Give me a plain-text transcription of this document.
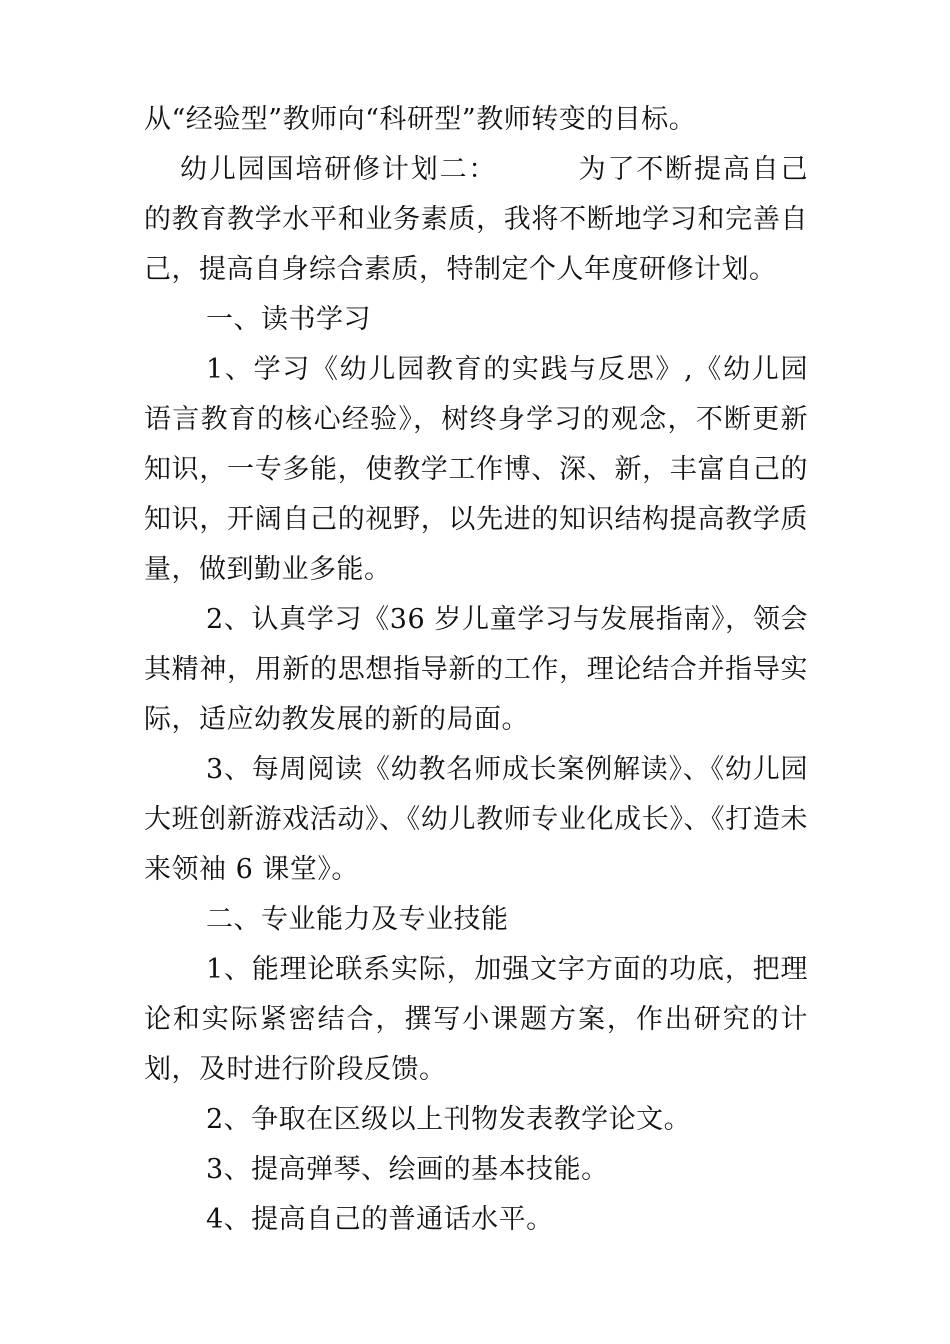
从“经验型”教师向“科研型”教师转变的目标。

幼儿园国培研修计划二：	为了不断提高自己的教育教学水平和业务素质，我将不断地学习和完善自己，提高自身综合素质，特制定个人年度研修计划。

一、读书学习

1、学习《幼儿园教育的实践与反思》,《幼儿园语言教育的核心经验》，树终身学习的观念，不断更新知识，一专多能，使教学工作博、深、新，丰富自己的知识，开阔自己的视野，以先进的知识结构提高教学质量，做到勤业多能。

2、认真学习《36 岁儿童学习与发展指南》，领会其精神，用新的思想指导新的工作，理论结合并指导实际，适应幼教发展的新的局面。

3、每周阅读《幼教名师成长案例解读》、《幼儿园大班创新游戏活动》、《幼儿教师专业化成长》、《打造未来领袖 6 课堂》。

二、专业能力及专业技能

1、能理论联系实际，加强文字方面的功底，把理论和实际紧密结合，撰写小课题方案，作出研究的计划，及时进行阶段反馈。

2、争取在区级以上刊物发表教学论文。

3、提高弹琴、绘画的基本技能。

4、提高自己的普通话水平。
